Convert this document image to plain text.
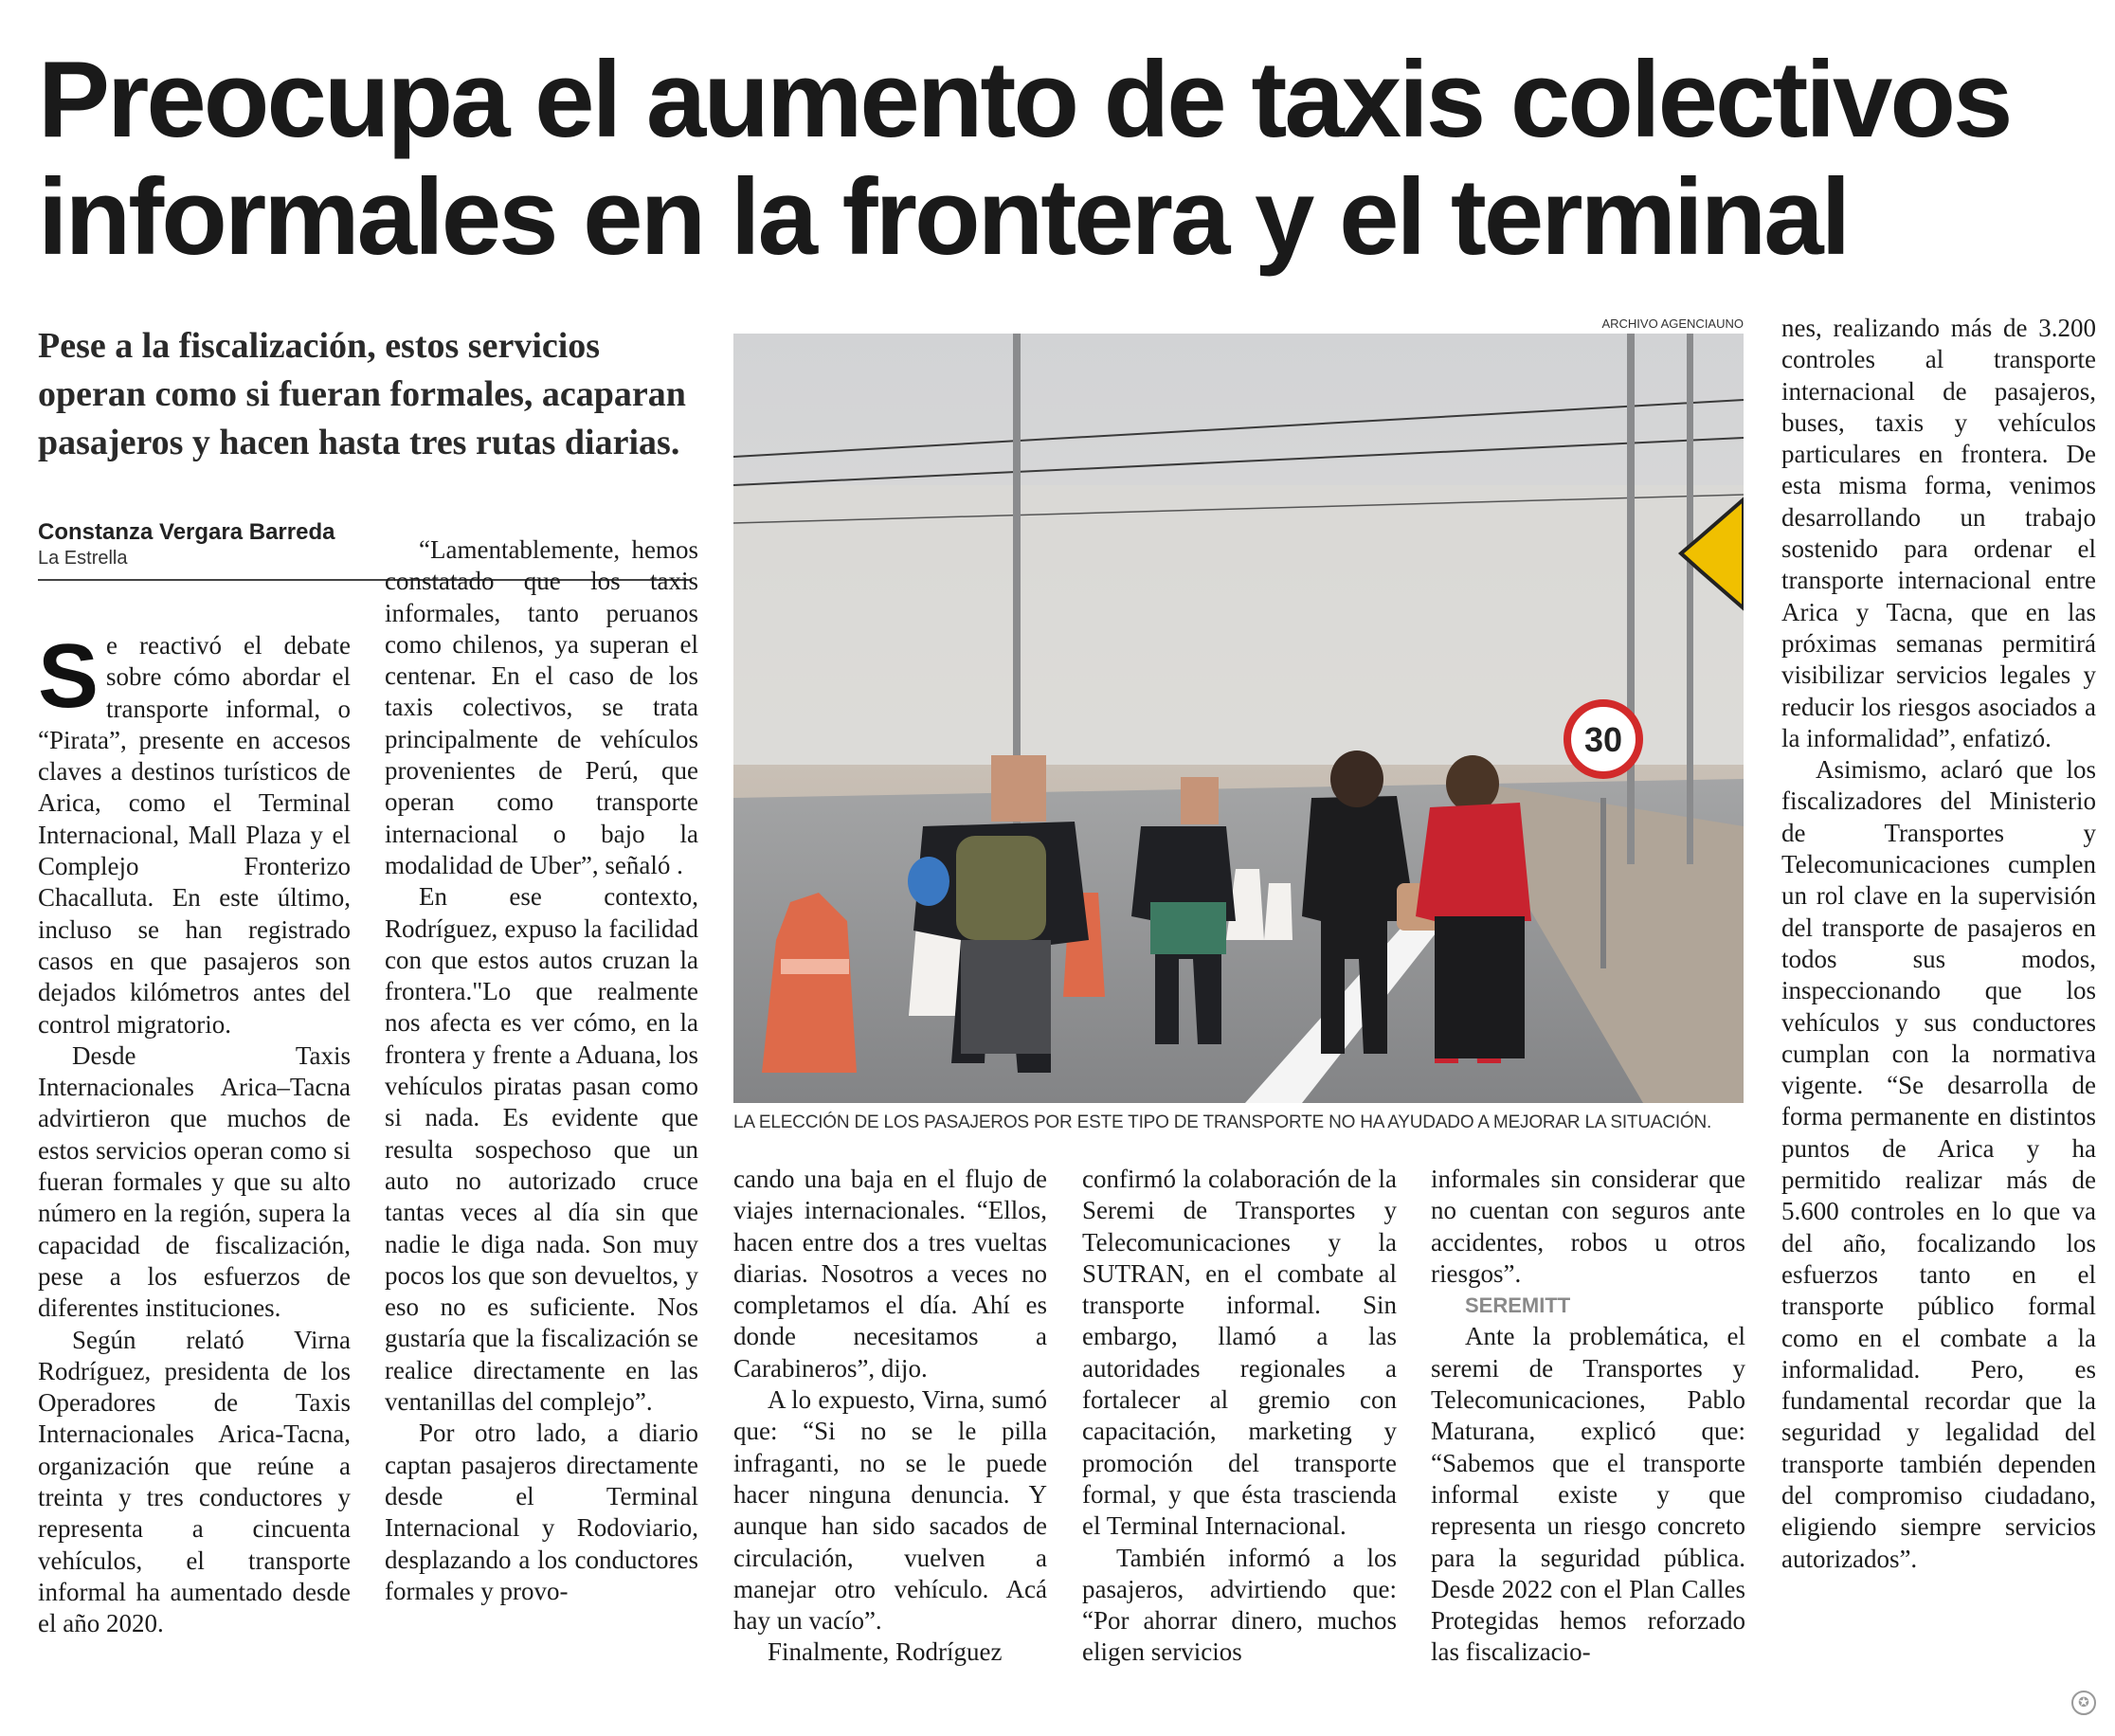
Preocupa el aumento de taxis colectivos
informales en la frontera y el terminal

Pese a la fiscalización, estos servicios operan como si fueran formales, acaparan pasajeros y hacen hasta tres rutas diarias.

Constanza Vergara Barreda
La Estrella

Se reactivó el debate sobre cómo abordar el transporte informal, o “Pirata”, presente en accesos claves a destinos turísticos de Arica, como el Terminal Internacional, Mall Plaza y el Complejo Fronterizo Chacalluta. En este último, incluso se han registrado casos en que pasajeros son dejados kilómetros antes del control migratorio.

Desde Taxis Internacionales Arica–Tacna advirtieron que muchos de estos servicios operan como si fueran formales y que su alto número en la región, supera la capacidad de fiscalización, pese a los esfuerzos de diferentes instituciones.

Según relató Virna Rodríguez, presidenta de los Operadores de Taxis Internacionales Arica-Tacna, organización que reúne a treinta y tres conductores y representa a cincuenta vehículos, el transporte informal ha aumentado desde el año 2020.

“Lamentablemente, hemos constatado que los taxis informales, tanto peruanos como chilenos, ya superan el centenar. En el caso de los taxis colectivos, se trata principalmente de vehículos provenientes de Perú, que operan como transporte internacional o bajo la modalidad de Uber”, señaló .

En ese contexto, Rodríguez, expuso la facilidad con que estos autos cruzan la frontera."Lo que realmente nos afecta es ver cómo, en la frontera y frente a Aduana, los vehículos piratas pasan como si nada. Es evidente que resulta sospechoso que un auto no autorizado cruce tantas veces al día sin que nadie le diga nada. Son muy pocos los que son devueltos, y eso no es suficiente. Nos gustaría que la fiscalización se realice directamente en las ventanillas del complejo”.

Por otro lado, a diario captan pasajeros directamente desde el Terminal Internacional y Rodoviario, desplazando a los conductores formales y provo-

ARCHIVO AGENCIAUNO
30
LA ELECCIÓN DE LOS PASAJEROS POR ESTE TIPO DE TRANSPORTE NO HA AYUDADO A MEJORAR LA SITUACIÓN.

cando una baja en el flujo de viajes internacionales. “Ellos, hacen entre dos a tres vueltas diarias. Nosotros a veces no completamos el día. Ahí es donde necesitamos a Carabineros”, dijo.

A lo expuesto, Virna, sumó que: “Si no se le pilla infraganti, no se le puede hacer ninguna denuncia. Y aunque han sido sacados de circulación, vuelven a manejar otro vehículo. Acá hay un vacío”.

Finalmente, Rodríguez

confirmó la colaboración de la Seremi de Transportes y Telecomunicaciones y la SUTRAN, en el combate al transporte informal. Sin embargo, llamó a las autoridades regionales a fortalecer al gremio con capacitación, marketing y promoción del transporte formal, y que ésta trascienda el Terminal Internacional.

También informó a los pasajeros, advirtiendo que: “Por ahorrar dinero, muchos eligen servicios

informales sin considerar que no cuentan con seguros ante accidentes, robos u otros riesgos”.

SEREMITT

Ante la problemática, el seremi de Transportes y Telecomunicaciones, Pablo Maturana, explicó que: “Sabemos que el transporte informal existe y que representa un riesgo concreto para la seguridad pública. Desde 2022 con el Plan Calles Protegidas hemos reforzado las fiscalizacio-

nes, realizando más de 3.200 controles al transporte internacional de pasajeros, buses, taxis y vehículos particulares en frontera. De esta misma forma, venimos desarrollando un trabajo sostenido para ordenar el transporte internacional entre Arica y Tacna, que en las próximas semanas permitirá visibilizar servicios legales y reducir los riesgos asociados a la informalidad”, enfatizó.

Asimismo, aclaró que los fiscalizadores del Ministerio de Transportes y Telecomunicaciones cumplen un rol clave en la supervisión del transporte de pasajeros en todos sus modos, inspeccionando que los vehículos y sus conductores cumplan con la normativa vigente. “Se desarrolla de forma permanente en distintos puntos de Arica y ha permitido realizar más de 5.600 controles en lo que va del año, focalizando los esfuerzos tanto en el transporte público formal como en el combate a la informalidad. Pero, es fundamental recordar que la seguridad y legalidad del transporte también dependen del compromiso ciudadano, eligiendo siempre servicios autorizados”.

✪
